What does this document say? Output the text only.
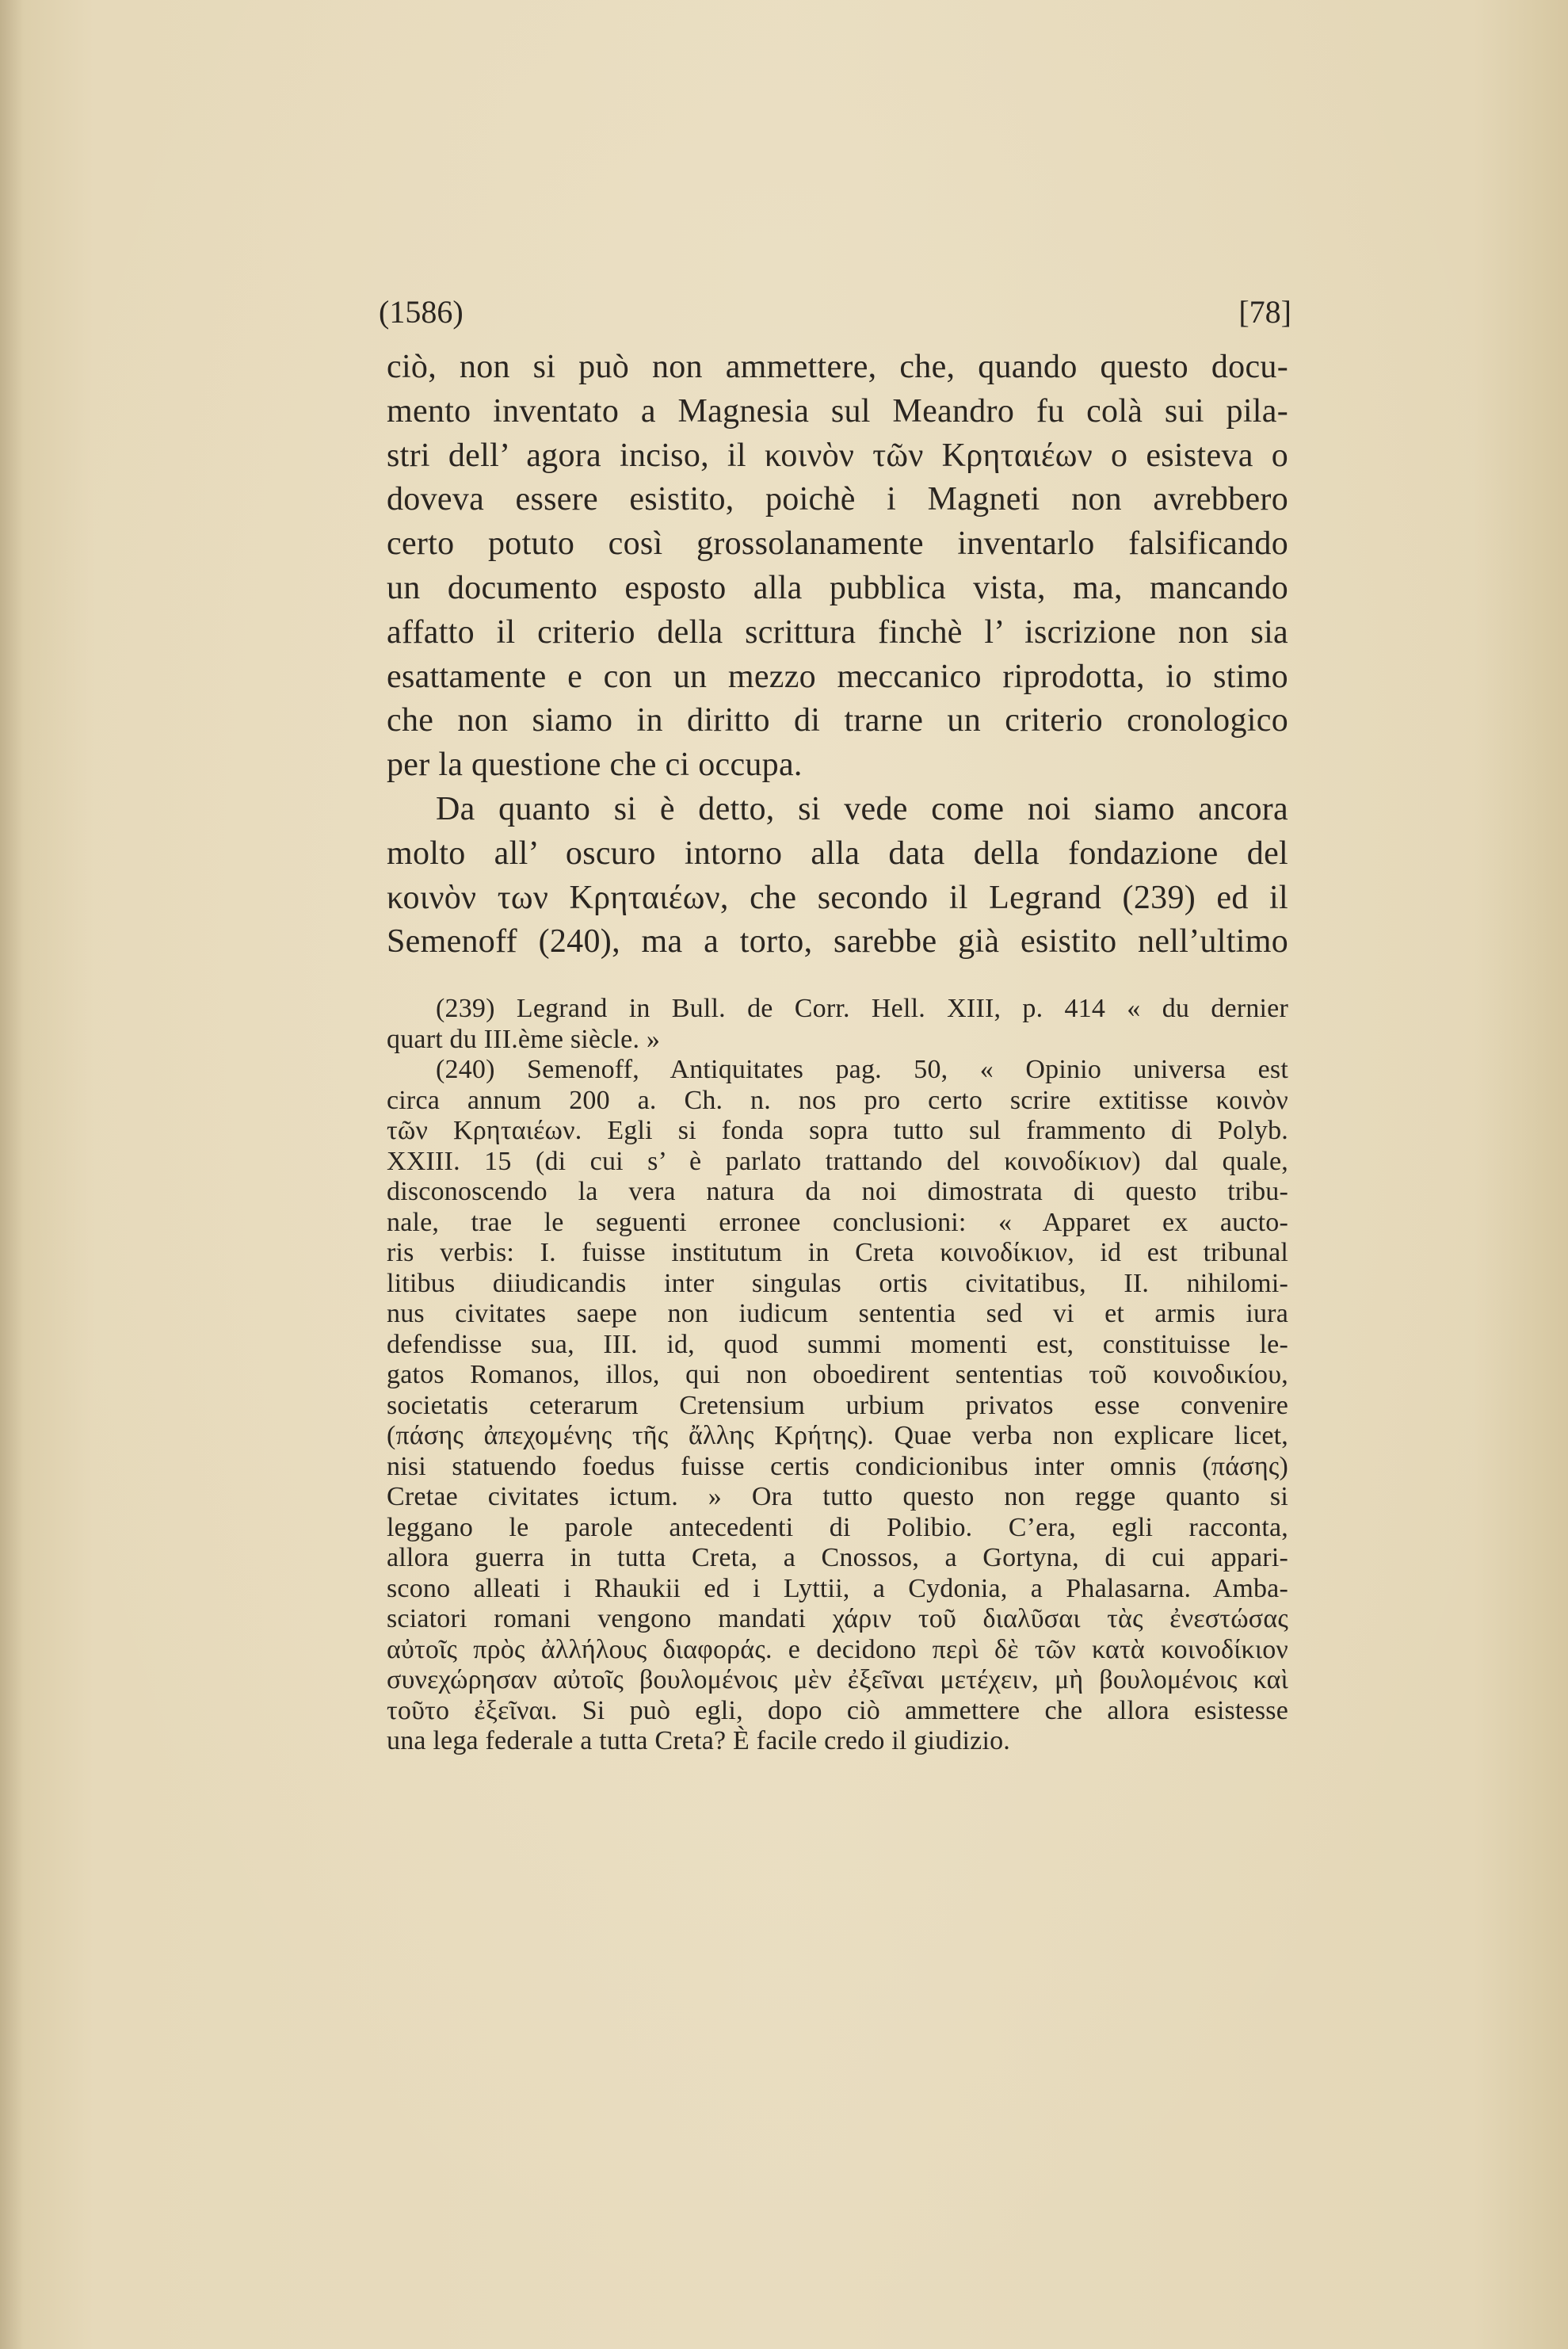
(1586)	[78]
ciò, non si può non ammettere, che, quando questo docu-
mento inventato a Magnesia sul Meandro fu colà sui pila-
stri dell’ agora inciso, il κοινὸν τῶν Κρηταιέων o esisteva o
doveva essere esistito, poichè i Magneti non avrebbero
certo potuto così grossolanamente inventarlo falsificando
un documento esposto alla pubblica vista, ma, mancando
affatto il criterio della scrittura finchè l’ iscrizione non sia
esattamente e con un mezzo meccanico riprodotta, io stimo
che non siamo in diritto di trarne un criterio cronologico
per la questione che ci occupa.
Da quanto si è detto, si vede come noi siamo ancora
molto all’ oscuro intorno alla data della fondazione del
κοινὸν των Κρηταιέων, che secondo il Legrand (239) ed il
Semenoff (240), ma a torto, sarebbe già esistito nell’ultimo
(239) Legrand in Bull. de Corr. Hell. XIII, p. 414 « du dernier
quart du III.ème siècle. »
(240) Semenoff, Antiquitates pag. 50, « Opinio universa est
circa annum 200 a. Ch. n. nos pro certo scrire extitisse κοινὸν
τῶν Κρηταιέων. Egli si fonda sopra tutto sul frammento di Polyb.
XXIII. 15 (di cui s’ è parlato trattando del κοινοδίκιον) dal quale,
disconoscendo la vera natura da noi dimostrata di questo tribu-
nale, trae le seguenti erronee conclusioni: « Apparet ex aucto-
ris verbis: I. fuisse institutum in Creta κοινοδίκιον, id est tribunal
litibus diiudicandis inter singulas ortis civitatibus, II. nihilomi-
nus civitates saepe non iudicum sententia sed vi et armis iura
defendisse sua, III. id, quod summi momenti est, constituisse le-
gatos Romanos, illos, qui non oboedirent sententias τοῦ κοινοδικίου,
societatis ceterarum Cretensium urbium privatos esse convenire
(πάσης ἀπεχομένης τῆς ἄλλης Κρήτης). Quae verba non explicare licet,
nisi statuendo foedus fuisse certis condicionibus inter omnis (πάσης)
Cretae civitates ictum. » Ora tutto questo non regge quanto si
leggano le parole antecedenti di Polibio. C’era, egli racconta,
allora guerra in tutta Creta, a Cnossos, a Gortyna, di cui appari-
scono alleati i Rhaukii ed i Lyttii, a Cydonia, a Phalasarna. Amba-
sciatori romani vengono mandati χάριν τοῦ διαλῦσαι τὰς ἐνεστώσας
αὐτοῖς πρὸς ἀλλήλους διαφοράς. e decidono περὶ δὲ τῶν κατὰ κοινοδίκιον
συνεχώρησαν αὐτοῖς βουλομένοις μὲν ἐξεῖναι μετέχειν, μὴ βουλομένοις καὶ
τοῦτο ἐξεῖναι. Si può egli, dopo ciò ammettere che allora esistesse
una lega federale a tutta Creta? È facile credo il giudizio.
